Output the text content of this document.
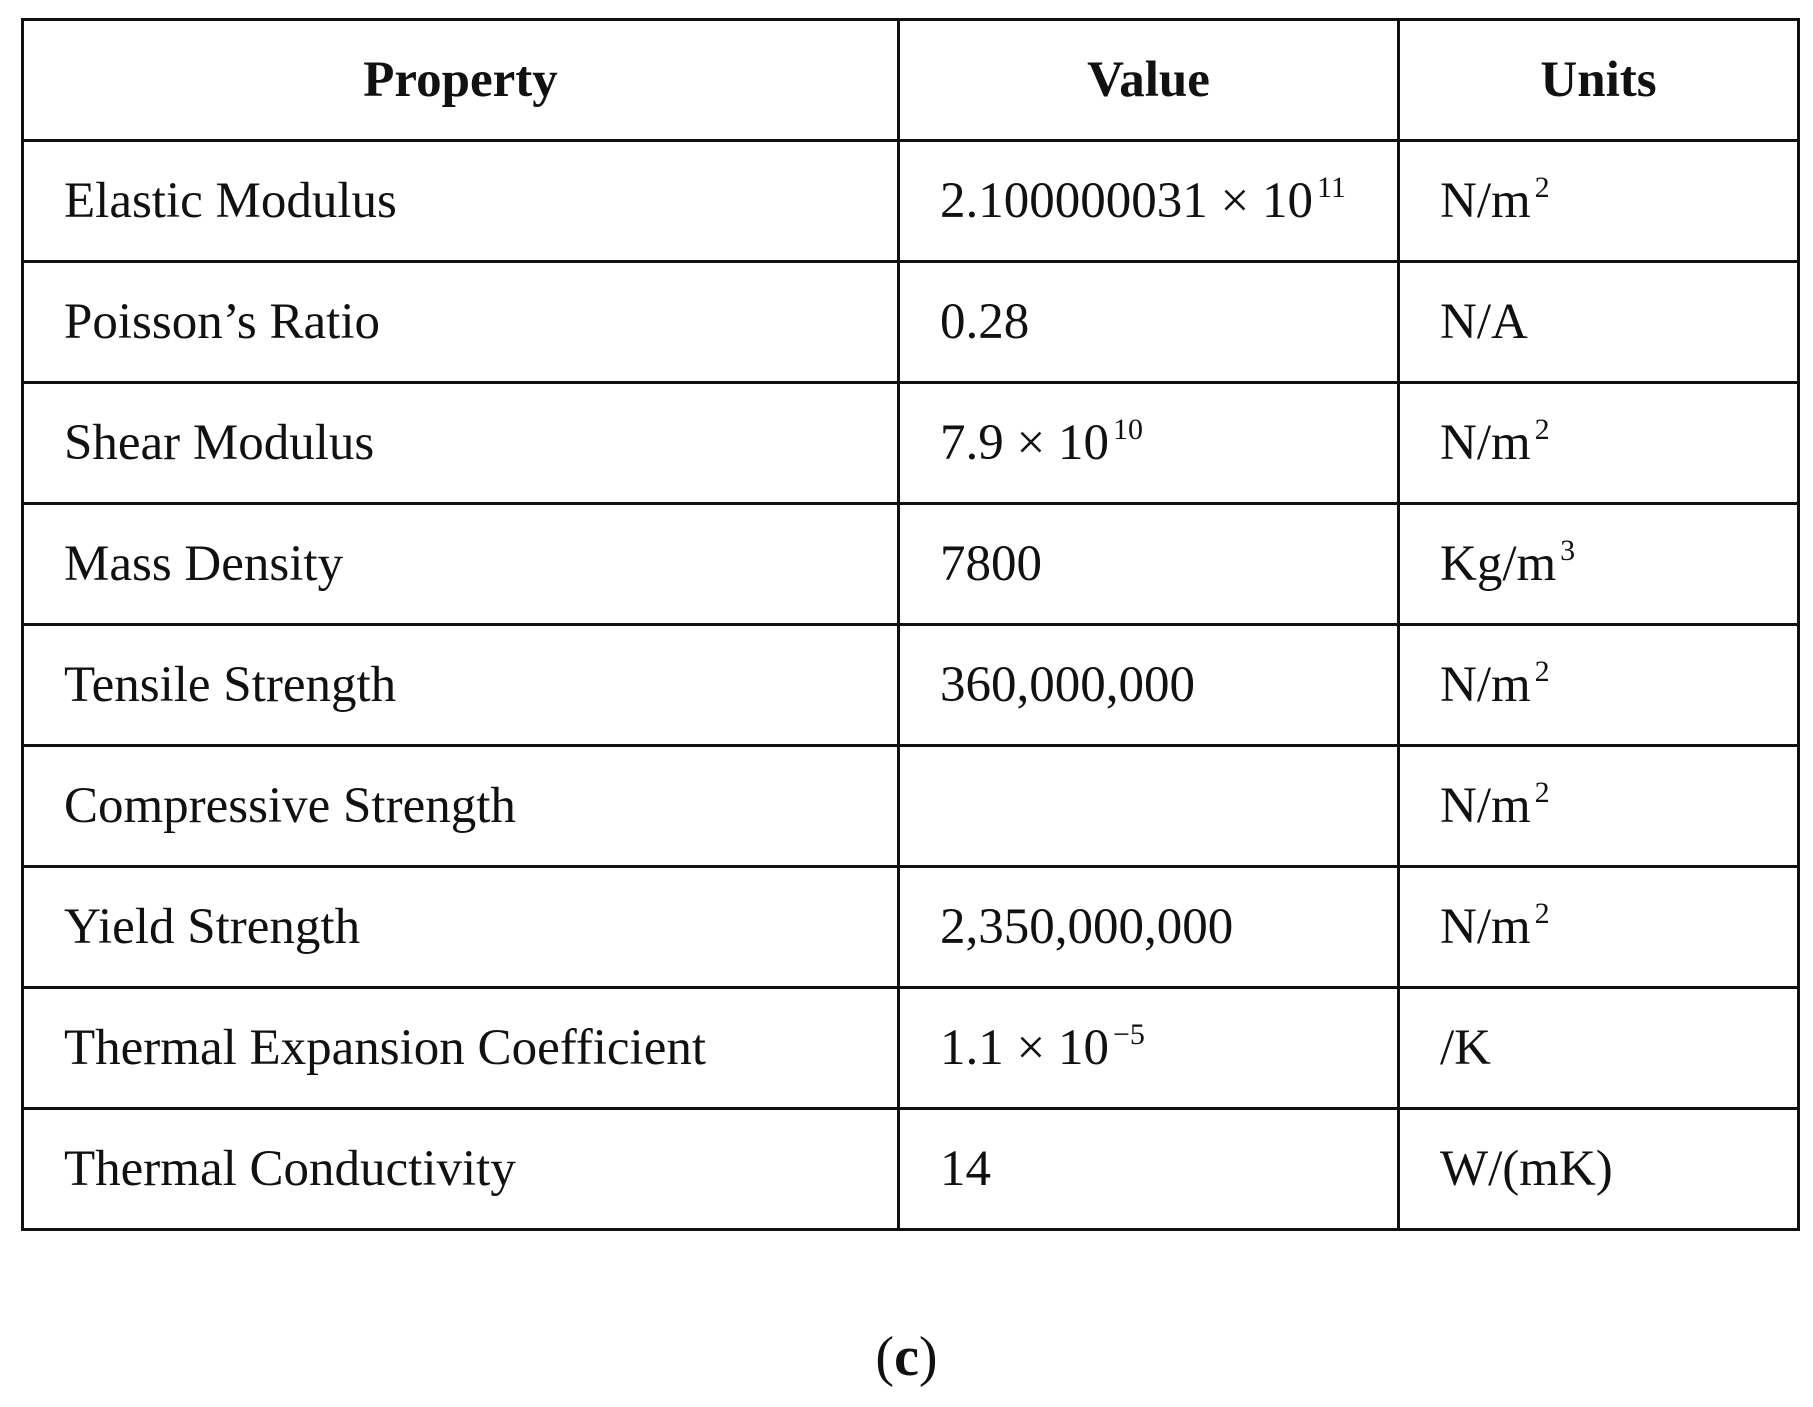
Property	Value	Units
Elastic Modulus	2.100000031 × 10 $^{11}$	N/m $^2$
Poisson’s Ratio	0.28	N/A
Shear Modulus	7.9 × 10 $^{10}$	N/m $^2$
Mass Density	7800	Kg/m $^3$
Tensile Strength	360,000,000	N/m $^2$
Compressive Strength		N/m $^2$
Yield Strength	2,350,000,000	N/m $^2$
Thermal Expansion Coefficient	1.1 × 10 $^{-5}$	/K
Thermal Conductivity	14	W/(mK)
(c)
